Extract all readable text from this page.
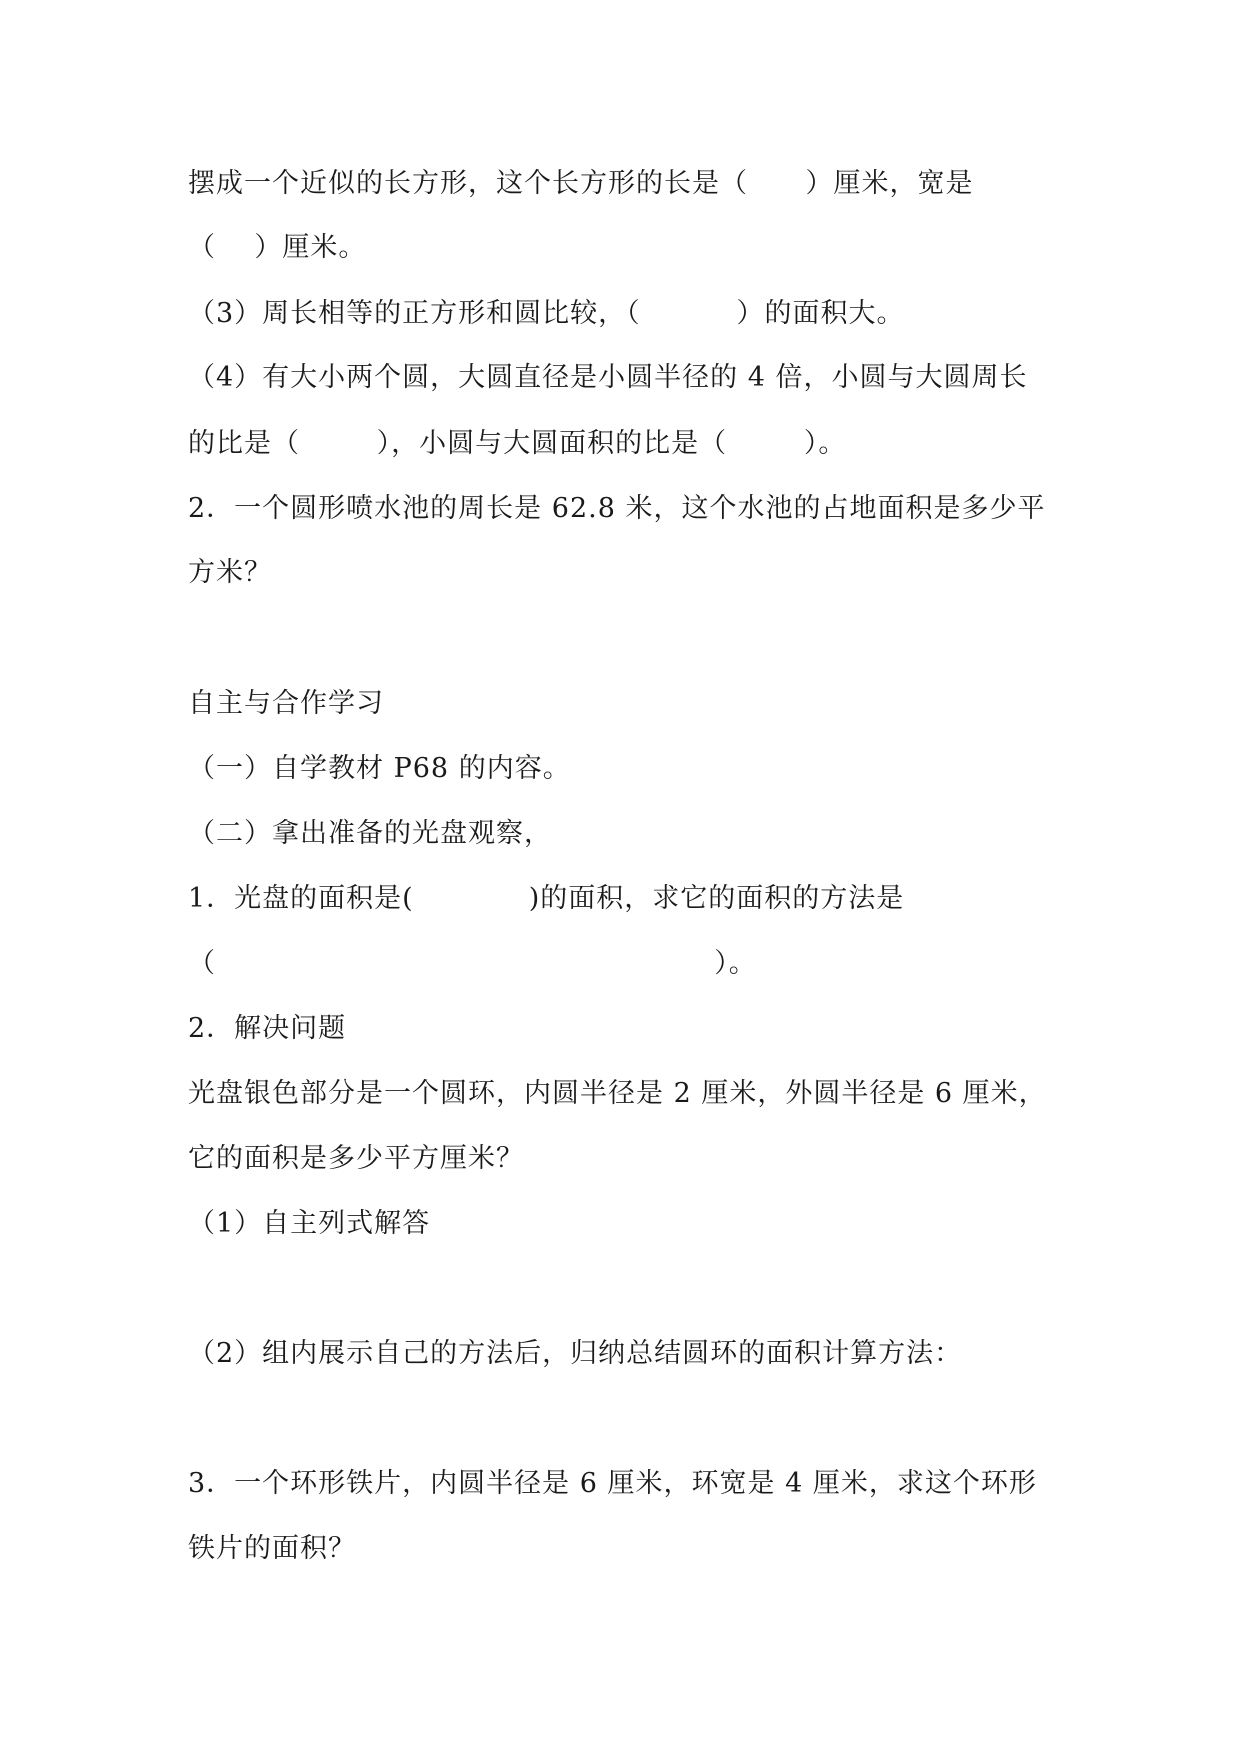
摆成一个近似的长方形，这个长方形的长是（      ）厘米，宽是
（    ）厘米。
（3）周长相等的正方形和圆比较，（          ）的面积大。
（4）有大小两个圆，大圆直径是小圆半径的 4 倍，小圆与大圆周长
的比是（        ），小圆与大圆面积的比是（        ）。
2．一个圆形喷水池的周长是 62.8 米，这个水池的占地面积是多少平
方米？
自主与合作学习
（一）自学教材 P68 的内容。
（二）拿出准备的光盘观察，
1．光盘的面积是(            )的面积，求它的面积的方法是
（                                                    ）。
2．解决问题
光盘银色部分是一个圆环，内圆半径是 2 厘米，外圆半径是 6 厘米，
它的面积是多少平方厘米？
（1）自主列式解答
（2）组内展示自己的方法后，归纳总结圆环的面积计算方法：
3．一个环形铁片，内圆半径是 6 厘米，环宽是 4 厘米，求这个环形
铁片的面积？
